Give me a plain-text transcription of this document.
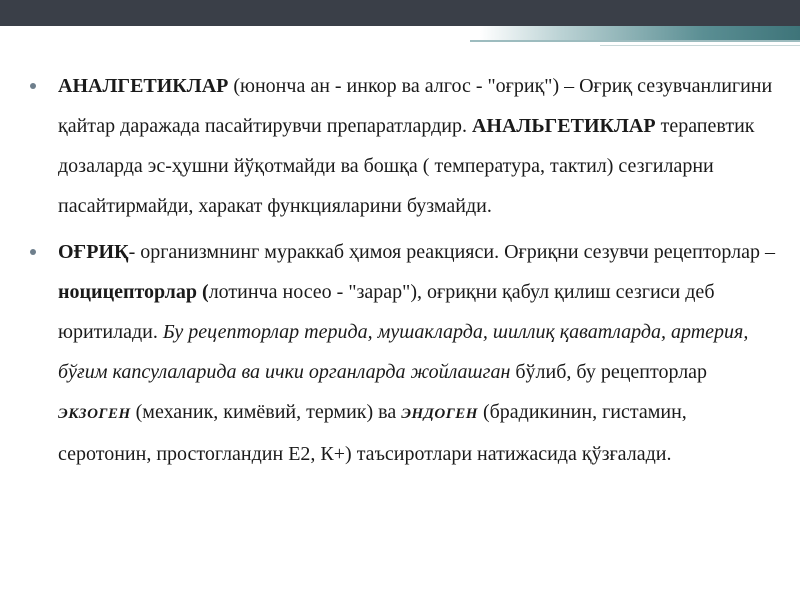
АНАЛГЕТИКЛАР (юнонча ан - инкор ва алгос - "оғриқ") – Оғриқ сезувчанлигини қайтар даражада пасайтирувчи препаратлардир. АНАЛЬГЕТИКЛАР терапевтик дозаларда эс-ҳушни йўқотмайди ва бошқа ( температура, тактил) сезгиларни пасайтирмайди, харакат функцияларини бузмайди.
ОҒРИҚ- организмнинг мураккаб ҳимоя реакцияси. Оғриқни сезувчи рецепторлар – ноцицепторлар (лотинча носео - "зарар"), оғриқни қабул қилиш сезгиси деб юритилади. Бу рецепторлар терида, мушакларда, шиллиқ қаватларда, артерия, бўғим капсулаларида ва ички органларда жойлашган бўлиб, бу рецепторлар ЭКЗОГЕН (механик, кимёвий, термик) ва ЭНДОГЕН (брадикинин, гистамин, серотонин, простогландин Е2, К+) таъсиротлари натижасида қўзғалади.
